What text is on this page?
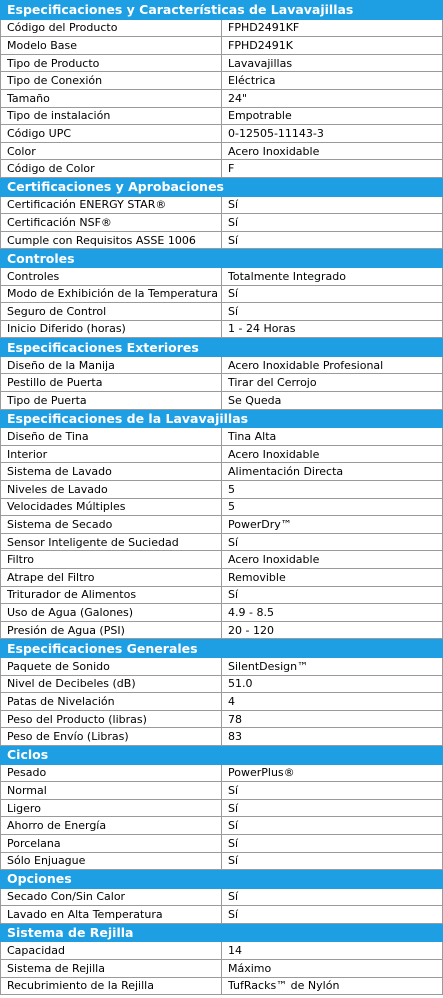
Especificaciones y Características de Lavavajillas	
Código del Producto	FPHD2491KF
Modelo Base	FPHD2491K
Tipo de Producto	Lavavajillas
Tipo de Conexión	Eléctrica
Tamaño	24"
Tipo de instalación	Empotrable
Código UPC	0-12505-11143-3
Color	Acero Inoxidable
Código de Color	F
Certificaciones y Aprobaciones	
Certificación ENERGY STAR®	Sí
Certificación NSF®	Sí
Cumple con Requisitos ASSE 1006	Sí
Controles	
Controles	Totalmente Integrado
Modo de Exhibición de la Temperatura	Sí
Seguro de Control	Sí
Inicio Diferido (horas)	1 - 24 Horas
Especificaciones Exteriores	
Diseño de la Manija	Acero Inoxidable Profesional
Pestillo de Puerta	Tirar del Cerrojo
Tipo de Puerta	Se Queda
Especificaciones de la Lavavajillas	
Diseño de Tina	Tina Alta
Interior	Acero Inoxidable
Sistema de Lavado	Alimentación Directa
Niveles de Lavado	5
Velocidades Múltiples	5
Sistema de Secado	PowerDry™
Sensor Inteligente de Suciedad	Sí
Filtro	Acero Inoxidable
Atrape del Filtro	Removible
Triturador de Alimentos	Sí
Uso de Agua (Galones)	4.9 - 8.5
Presión de Agua (PSI)	20 - 120
Especificaciones Generales	
Paquete de Sonido	SilentDesign™
Nivel de Decibeles (dB)	51.0
Patas de Nivelación	4
Peso del Producto (libras)	78
Peso de Envío (Libras)	83
Ciclos	
Pesado	PowerPlus®
Normal	Sí
Ligero	Sí
Ahorro de Energía	Sí
Porcelana	Sí
Sólo Enjuague	Sí
Opciones	
Secado Con/Sin Calor	Sí
Lavado en Alta Temperatura	Sí
Sistema de Rejilla	
Capacidad	14
Sistema de Rejilla	Máximo
Recubrimiento de la Rejilla	TufRacks™ de Nylón
